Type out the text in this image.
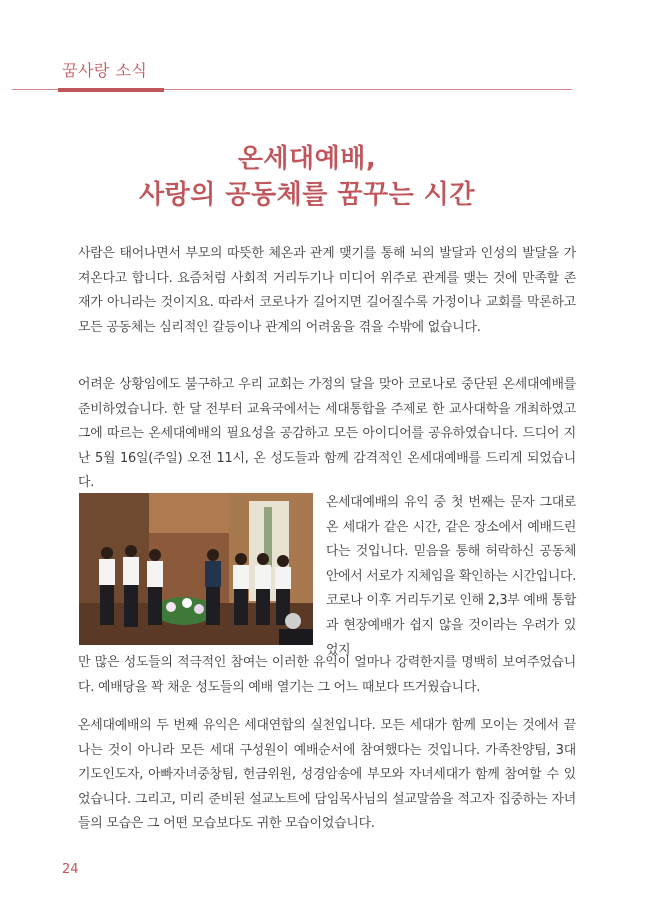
꿈사랑 소식
온세대예배,
사랑의 공동체를 꿈꾸는 시간

사람은 태어나면서 부모의 따뜻한 체온과 관계 맺기를 통해 뇌의 발달과 인성의 발달을 가져온다고 합니다. 요즘처럼 사회적 거리두기나 미디어 위주로 관계를 맺는 것에 만족할 존재가 아니라는 것이지요. 따라서 코로나가 길어지면 길어질수록 가정이나 교회를 막론하고 모든 공동체는 심리적인 갈등이나 관계의 어려움을 겪을 수밖에 없습니다.

어려운 상황임에도 불구하고 우리 교회는 가정의 달을 맞아 코로나로 중단된 온세대예배를 준비하였습니다. 한 달 전부터 교육국에서는 세대통합을 주제로 한 교사대학을 개최하였고 그에 따르는 온세대예배의 필요성을 공감하고 모든 아이디어를 공유하였습니다. 드디어 지난 5월 16일(주일) 오전 11시, 온 성도들과 함께 감격적인 온세대예배를 드리게 되었습니다.

온세대예배의 유익 중 첫 번째는 문자 그대로 온 세대가 같은 시간, 같은 장소에서 예배드린다는 것입니다. 믿음을 통해 허락하신 공동체 안에서 서로가 지체임을 확인하는 시간입니다. 코로나 이후 거리두기로 인해 2,3부 예배 통합과 현장예배가 쉽지 않을 것이라는 우려가 있었지
만 많은 성도들의 적극적인 참여는 이러한 유익이 얼마나 강력한지를 명백히 보여주었습니다. 예배당을 꽉 채운 성도들의 예배 열기는 그 어느 때보다 뜨거웠습니다.

온세대예배의 두 번째 유익은 세대연합의 실천입니다. 모든 세대가 함께 모이는 것에서 끝나는 것이 아니라 모든 세대 구성원이 예배순서에 참여했다는 것입니다. 가족찬양팀, 3대 기도인도자, 아빠자녀중창팀, 헌금위원, 성경암송에 부모와 자녀세대가 함께 참여할 수 있었습니다. 그리고, 미리 준비된 설교노트에 담임목사님의 설교말씀을 적고자 집중하는 자녀들의 모습은 그 어떤 모습보다도 귀한 모습이었습니다.

24
